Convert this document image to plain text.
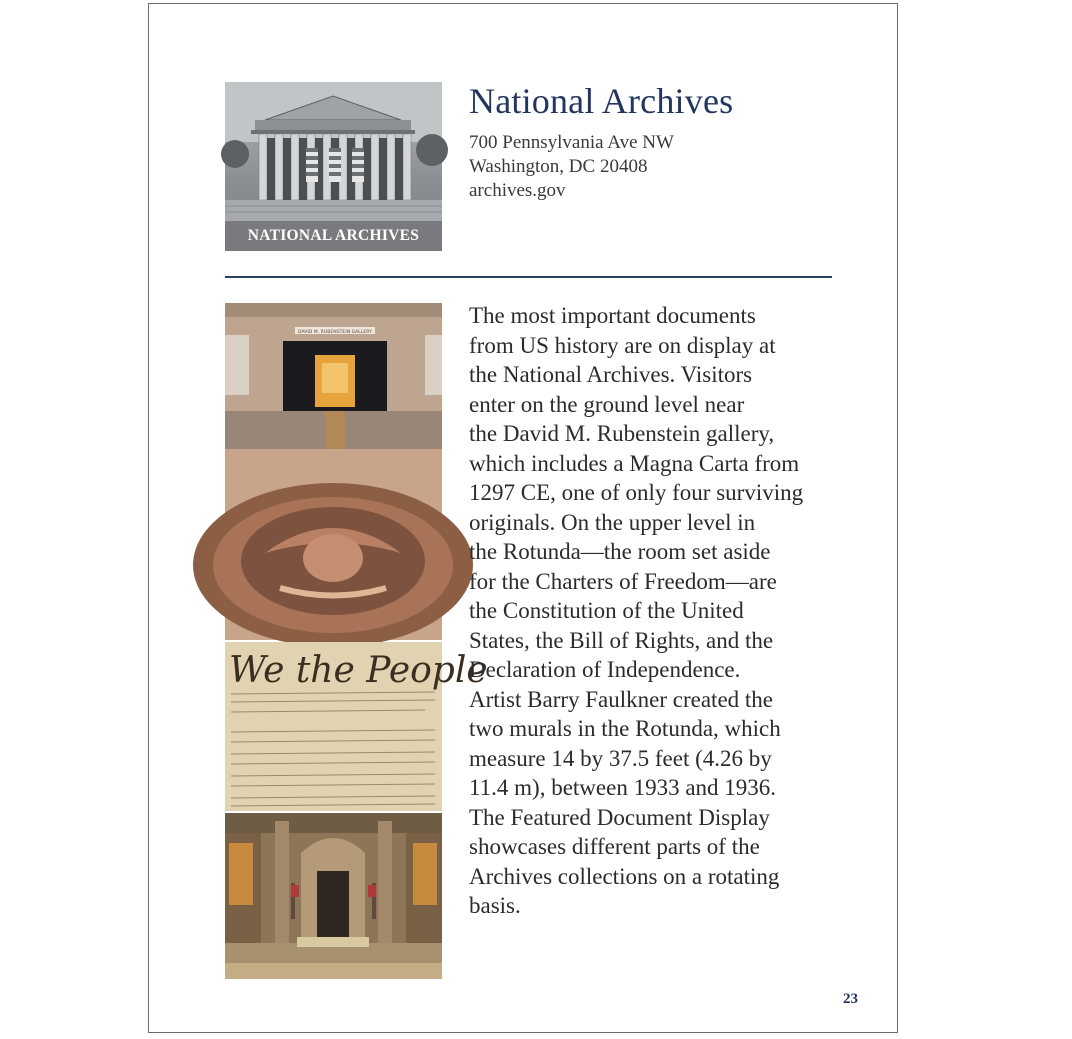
NATIONAL ARCHIVES
National Archives
700 Pennsylvania Ave NW
Washington, DC 20408
archives.gov
DAVID M. RUBENSTEIN GALLERY
We the People
The most important documents
from US history are on display at
the National Archives. Visitors
enter on the ground level near
the David M. Rubenstein gallery,
which includes a Magna Carta from
1297 CE, one of only four surviving
originals. On the upper level in
the Rotunda—the room set aside
for the Charters of Freedom—are
the Constitution of the United
States, the Bill of Rights, and the
Declaration of Independence.
Artist Barry Faulkner created the
two murals in the Rotunda, which
measure 14 by 37.5 feet (4.26 by
11.4 m), between 1933 and 1936.
The Featured Document Display
showcases different parts of the
Archives collections on a rotating
basis.
23
